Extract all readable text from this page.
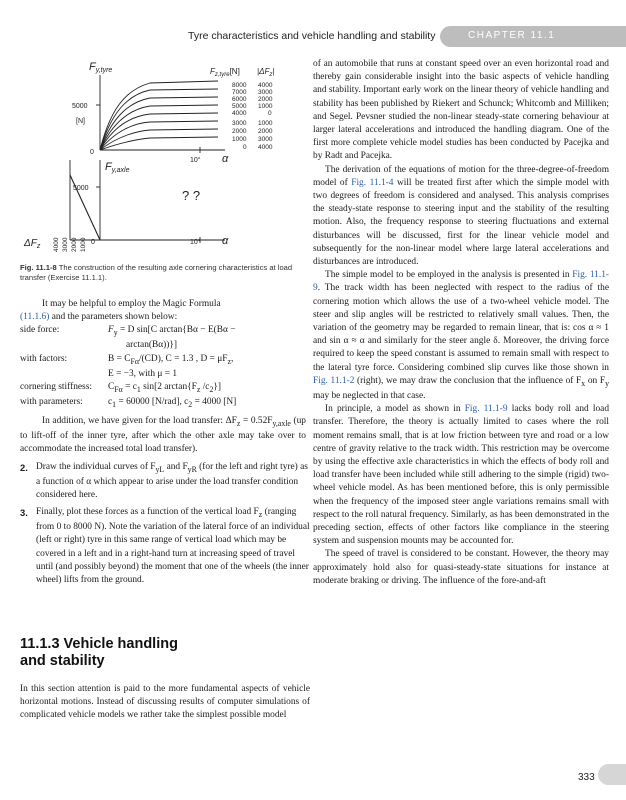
Tyre characteristics and vehicle handling and stability	CHAPTER 11.1
Fy,tyre	$F_{z,tyre}[N]$ $|\Delta F_z|$
8000
7000
6000
5000
4000
3000
2000
1000
0
4000
3000
2000
1000
0
1000
2000
3000
4000
5000
[N]
0
10° α
Fy,axle
5000	? ?
$\Delta F_z$ 4000 3000 2000 1000 0	10° α
Fig. 11.1-8 The construction of the resulting axle cornering characteristics at load transfer (Exercise 11.1.1).

It may be helpful to employ the Magic Formula
(11.1.6) and the parameters shown below:

side force:	$F_y = D$ sin[C arctan{Bα − E(Bα −
arctan(Bα))}]
with factors:	$B = C_{F\alpha}/(CD)$, C = 1.3 , $D = \mu F_z$,
E = −3, with μ = 1
cornering stiffness:	$C_{F\alpha} = c_1$ sin[2 $\arctan\{F_z$ $/c_2$}]
with parameters:	$c_1 = 60000$ [N/rad], $c_2 = 4000$ [N]

In addition, we have given for the load transfer: $\Delta F_z = 0.52F_{y,axle}$ (up to lift-off of the inner tyre, after which the other axle may take over to accommodate the increased total load transfer).

2. Draw the individual curves of $F_{yL}$ and $F_{yR}$ (for the left and right tyre) as a function of α which appear to arise under the load transfer condition considered here.
3. Finally, plot these forces as a function of the vertical load $F_z$ (ranging from 0 to 8000 N). Note the variation of the lateral force of an individual (left or right) tyre in this same range of vertical load which may be covered in a left and in a right-hand turn at increasing speed of travel until (and possibly beyond) the moment that one of the wheels (the inner wheel) lifts from the ground.
11.1.3 Vehicle handling
and stability
In this section attention is paid to the more fundamental aspects of vehicle horizontal motions. Instead of discussing results of computer simulations of complicated vehicle models we rather take the simplest possible model

of an automobile that runs at constant speed over an even horizontal road and thereby gain considerable insight into the basic aspects of vehicle handling and stability. Important early work on the linear theory of vehicle handling and stability has been published by Riekert and Schunck; Whitcomb and Milliken; and Segel. Pevsner studied the non-linear steady-state cornering behaviour at larger lateral accelerations and introduced the handling diagram. One of the first more complete vehicle model studies has been conducted by Pacejka and by Radt and Pacejka.

The derivation of the equations of motion for the three-degree-of-freedom model of Fig. 11.1-4 will be treated first after which the simple model with two degrees of freedom is considered and analysed. This analysis comprises the steady-state response to steering input and the stability of the resulting motion. Also, the frequency response to steering fluctuations and external disturbances will be discussed, first for the linear vehicle model and subsequently for the non-linear model where large lateral accelerations and disturbances are introduced.

The simple model to be employed in the analysis is presented in Fig. 11.1-9. The track width has been neglected with respect to the radius of the cornering motion which allows the use of a two-wheel vehicle model. The steer and slip angles will be restricted to relatively small values. Then, the variation of the geometry may be regarded to remain linear, that is: cos α ≈ 1 and sin α ≈ α and similarly for the steer angle δ. Moreover, the driving force required to keep the speed constant is assumed to remain small with respect to the lateral tyre force. Considering combined slip curves like those shown in Fig. 11.1-2 (right), we may draw the conclusion that the influence of $F_x$ on $F_y$ may be neglected in that case.

In principle, a model as shown in Fig. 11.1-9 lacks body roll and load transfer. Therefore, the theory is actually limited to cases where the roll moment remains small, that is at low friction between tyre and road or a low centre of gravity relative to the track width. This restriction may be overcome by using the effective axle characteristics in which the effects of body roll and load transfer have been included while still adhering to the simple (rigid) two-wheel vehicle model. As has been mentioned before, this is only permissible when the frequency of the imposed steer angle variations remains small with respect to the roll natural frequency. Similarly, as has been demonstrated in the preceding section, effects of other factors like compliance in the steering system and suspension mounts may be accounted for.

The speed of travel is considered to be constant. However, the theory may approximately hold also for quasi-steady-state situations for instance at moderate braking or driving. The influence of the fore-and-aft

333
